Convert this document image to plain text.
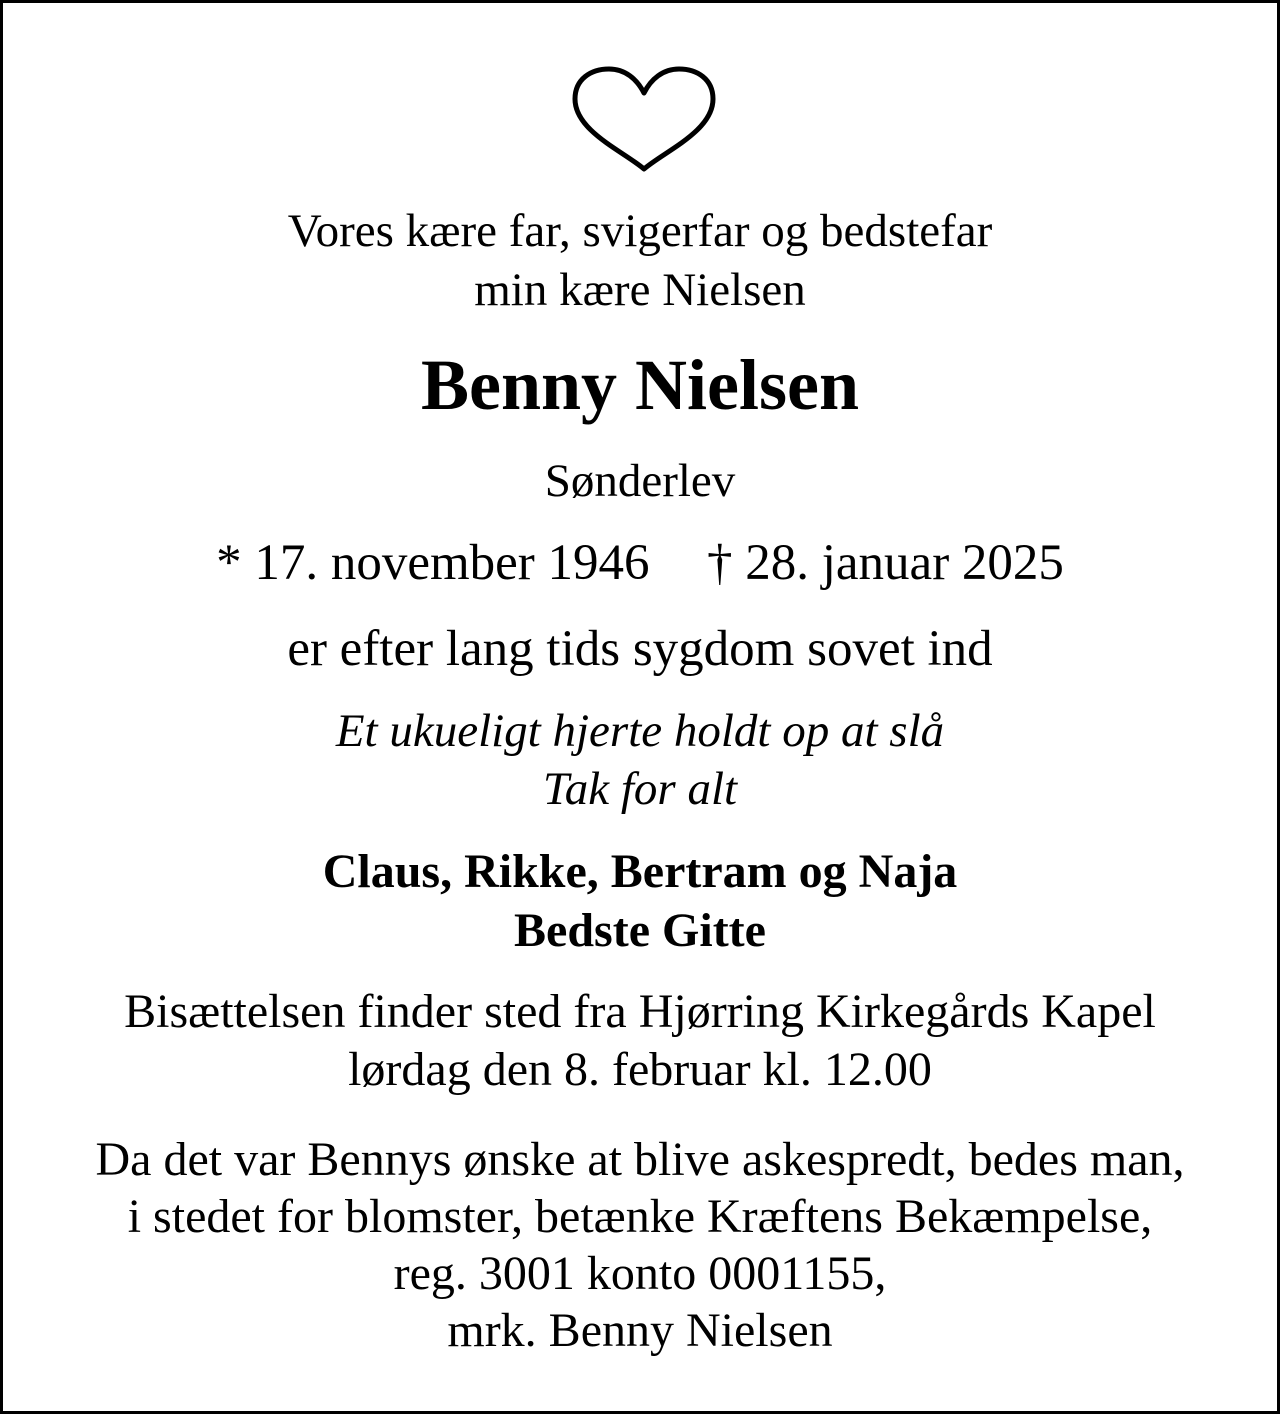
Vores kære far, svigerfar og bedstefar
min kære Nielsen
Benny Nielsen
Sønderlev
* 17. november 1946 † 28. januar 2025
er efter lang tids sygdom sovet ind
Et ukueligt hjerte holdt op at slå
Tak for alt
Claus, Rikke, Bertram og Naja
Bedste Gitte
Bisættelsen finder sted fra Hjørring Kirkegårds Kapel
lørdag den 8. februar kl. 12.00
Da det var Bennys ønske at blive askespredt, bedes man,
i stedet for blomster, betænke Kræftens Bekæmpelse,
reg. 3001 konto 0001155,
mrk. Benny Nielsen
